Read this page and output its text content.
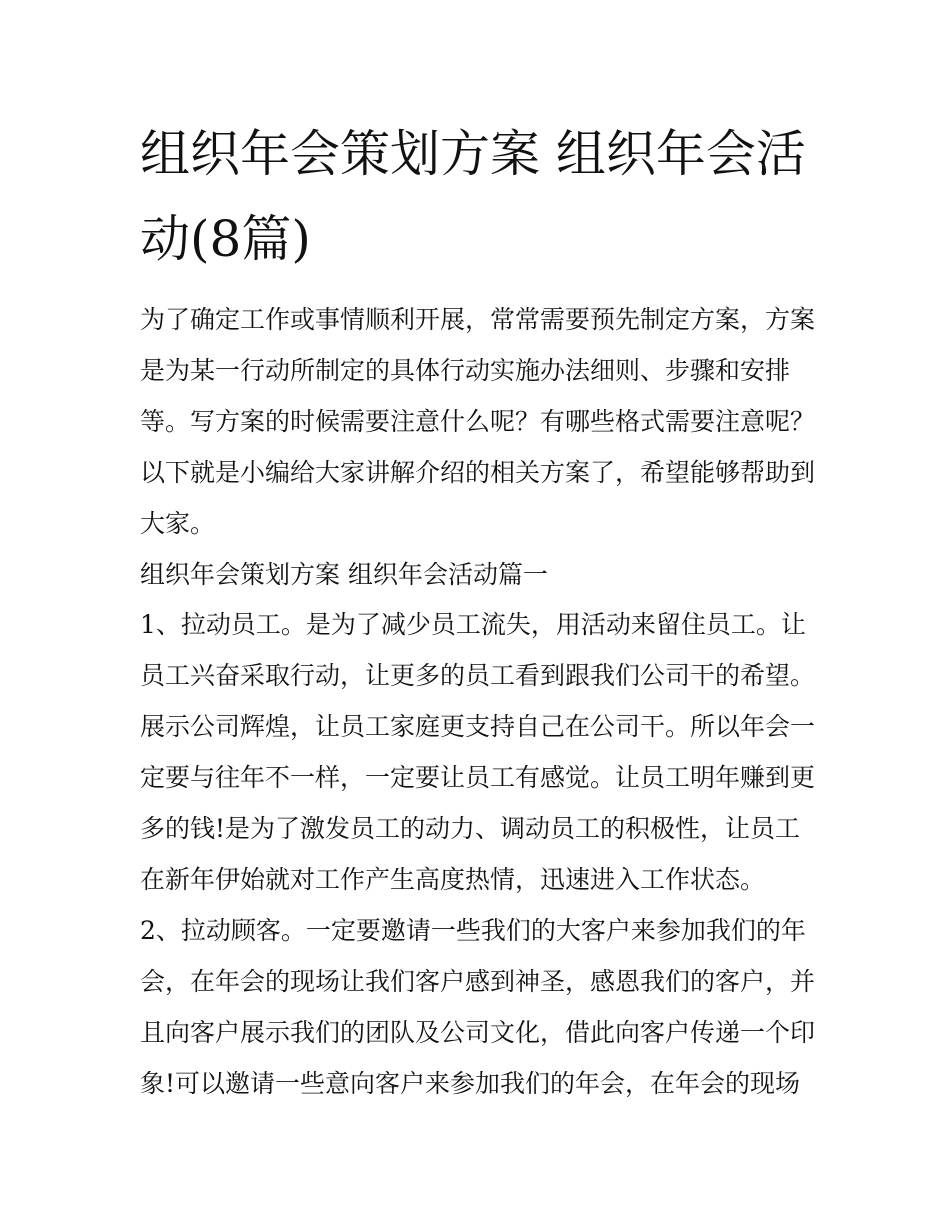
组织年会策划方案 组织年会活动(8篇)

为了确定工作或事情顺利开展，常常需要预先制定方案，方案是为某一行动所制定的具体行动实施办法细则、步骤和安排等。写方案的时候需要注意什么呢？有哪些格式需要注意呢？以下就是小编给大家讲解介绍的相关方案了，希望能够帮助到大家。

组织年会策划方案 组织年会活动篇一

1、拉动员工。是为了减少员工流失，用活动来留住员工。让员工兴奋采取行动，让更多的员工看到跟我们公司干的希望。展示公司辉煌，让员工家庭更支持自己在公司干。所以年会一定要与往年不一样，一定要让员工有感觉。让员工明年赚到更多的钱!是为了激发员工的动力、调动员工的积极性，让员工在新年伊始就对工作产生高度热情，迅速进入工作状态。

2、拉动顾客。一定要邀请一些我们的大客户来参加我们的年会，在年会的现场让我们客户感到神圣，感恩我们的客户，并且向客户展示我们的团队及公司文化，借此向客户传递一个印象!可以邀请一些意向客户来参加我们的年会，在年会的现场
